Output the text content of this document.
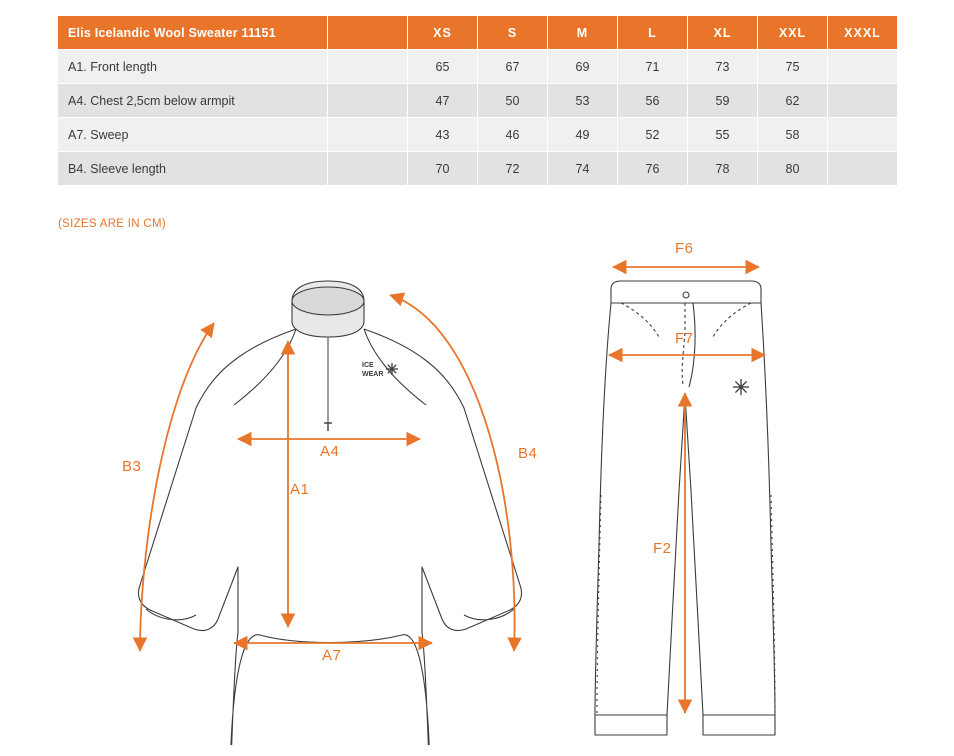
Elis Icelandic Wool Sweater 11151		XS	S	M	L	XL	XXL	XXXL
A1. Front length		65	67	69	71	73	75	
A4. Chest 2,5cm below armpit		47	50	53	56	59	62	
A7. Sweep		43	46	49	52	55	58	
B4. Sleeve length		70	72	74	76	78	80	
(SIZES ARE IN CM)
ICE
WEAR
B3
A4
A1
A7
B4
F6
F7
F2
